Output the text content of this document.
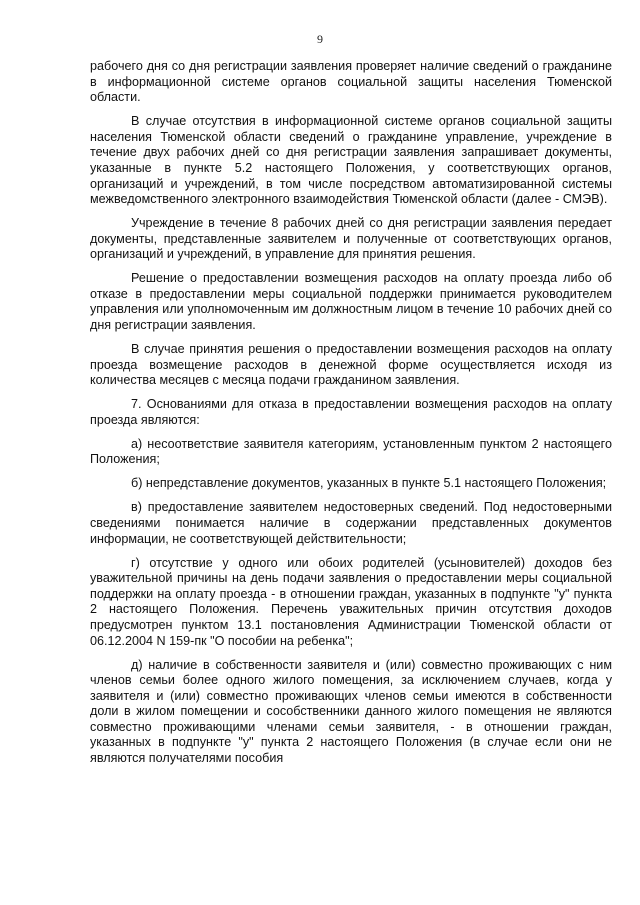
9

рабочего дня со дня регистрации заявления проверяет наличие сведений о гражданине в информационной системе органов социальной защиты населения Тюменской области.

В случае отсутствия в информационной системе органов социальной защиты населения Тюменской области сведений о гражданине управление, учреждение в течение двух рабочих дней со дня регистрации заявления запрашивает документы, указанные в пункте 5.2 настоящего Положения, у соответствующих органов, организаций и учреждений, в том числе посредством автоматизированной системы межведомственного электронного взаимодействия Тюменской области (далее - СМЭВ).

Учреждение в течение 8 рабочих дней со дня регистрации заявления передает документы, представленные заявителем и полученные от соответствующих органов, организаций и учреждений, в управление для принятия решения.

Решение о предоставлении возмещения расходов на оплату проезда либо об отказе в предоставлении меры социальной поддержки принимается руководителем управления или уполномоченным им должностным лицом в течение 10 рабочих дней со дня регистрации заявления.

В случае принятия решения о предоставлении возмещения расходов на оплату проезда возмещение расходов в денежной форме осуществляется исходя из количества месяцев с месяца подачи гражданином заявления.

7. Основаниями для отказа в предоставлении возмещения расходов на оплату проезда являются:

а) несоответствие заявителя категориям, установленным пунктом 2 настоящего Положения;

б) непредставление документов, указанных в пункте 5.1 настоящего Положения;

в) предоставление заявителем недостоверных сведений. Под недостоверными сведениями понимается наличие в содержании представленных документов информации, не соответствующей действительности;

г) отсутствие у одного или обоих родителей (усыновителей) доходов без уважительной причины на день подачи заявления о предоставлении меры социальной поддержки на оплату проезда - в отношении граждан, указанных в подпункте "у" пункта 2 настоящего Положения. Перечень уважительных причин отсутствия доходов предусмотрен пунктом 13.1 постановления Администрации Тюменской области от 06.12.2004 N 159-пк "О пособии на ребенка";

д) наличие в собственности заявителя и (или) совместно проживающих с ним членов семьи более одного жилого помещения, за исключением случаев, когда у заявителя и (или) совместно проживающих членов семьи имеются в собственности доли в жилом помещении и сособственники данного жилого помещения не являются совместно проживающими членами семьи заявителя, - в отношении граждан, указанных в подпункте "у" пункта 2 настоящего Положения (в случае если они не являются получателями пособия
